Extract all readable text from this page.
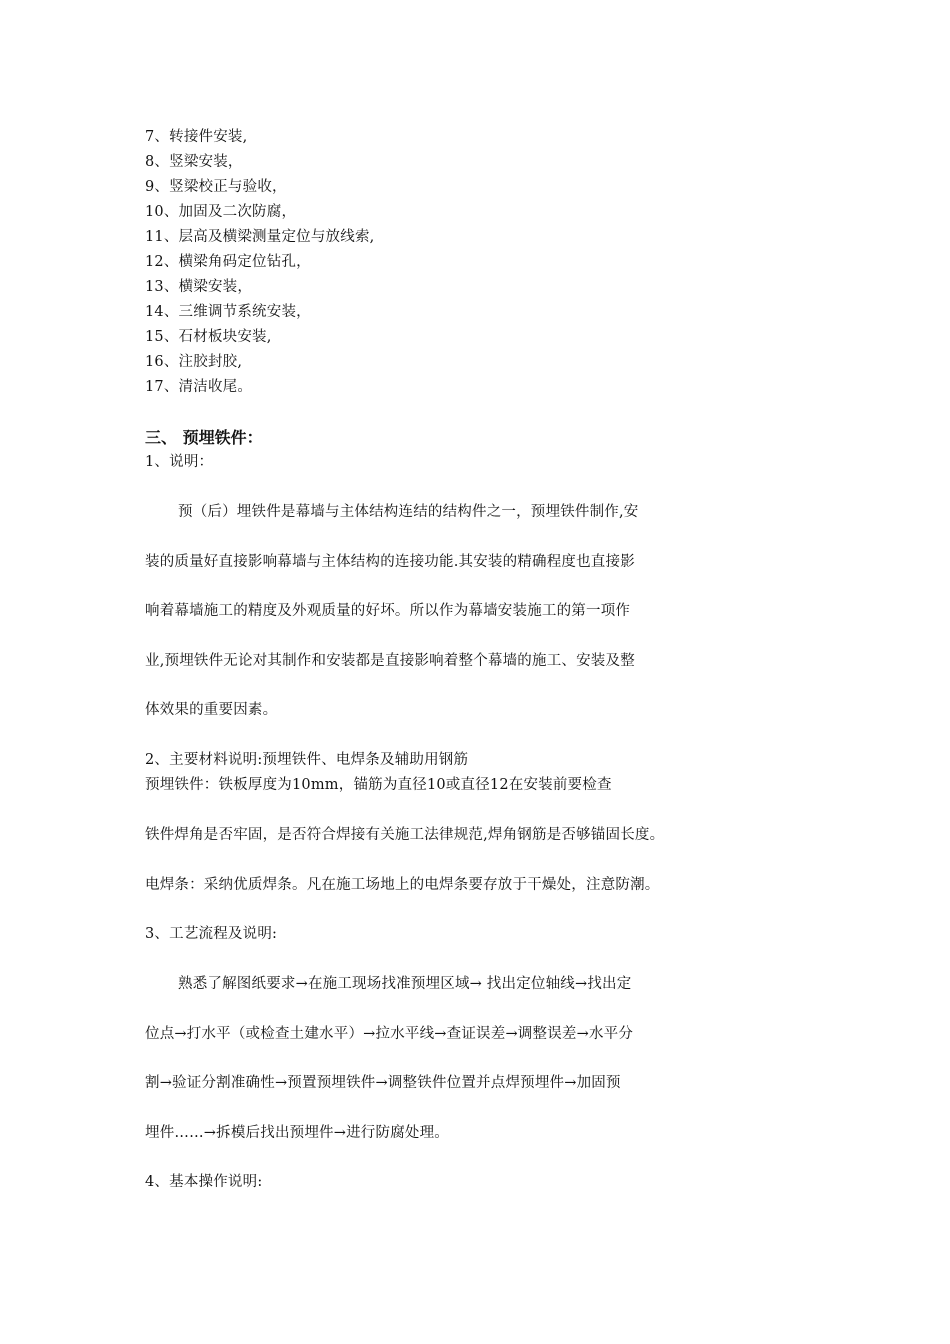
7、转接件安装,
8、竖梁安装，
9、竖梁校正与验收，
10、加固及二次防腐，
11、层高及横梁测量定位与放线索,
12、横梁角码定位钻孔，
13、横梁安装，
14、三维调节系统安装，
15、石材板块安装,
16、注胶封胶,
17、清洁收尾。
三、 预埋铁件：
1、说明：
预（后）埋铁件是幕墙与主体结构连结的结构件之一，预埋铁件制作,安
装的质量好直接影响幕墙与主体结构的连接功能.其安装的精确程度也直接影
响着幕墙施工的精度及外观质量的好坏。所以作为幕墙安装施工的第一项作
业,预埋铁件无论对其制作和安装都是直接影响着整个幕墙的施工、安装及整
体效果的重要因素。
2、主要材料说明:预埋铁件、电焊条及辅助用钢筋
预埋铁件：铁板厚度为10mm，锚筋为直径10或直径12在安装前要检查
铁件焊角是否牢固，是否符合焊接有关施工法律规范,焊角钢筋是否够锚固长度。
电焊条：采纳优质焊条。凡在施工场地上的电焊条要存放于干燥处，注意防潮。
3、工艺流程及说明:
熟悉了解图纸要求→在施工现场找准预埋区域→ 找出定位轴线→找出定
位点→打水平（或检查土建水平）→拉水平线→查证误差→调整误差→水平分
割→验证分割准确性→预置预埋铁件→调整铁件位置并点焊预埋件→加固预
埋件……→拆模后找出预埋件→进行防腐处理。
4、基本操作说明:
